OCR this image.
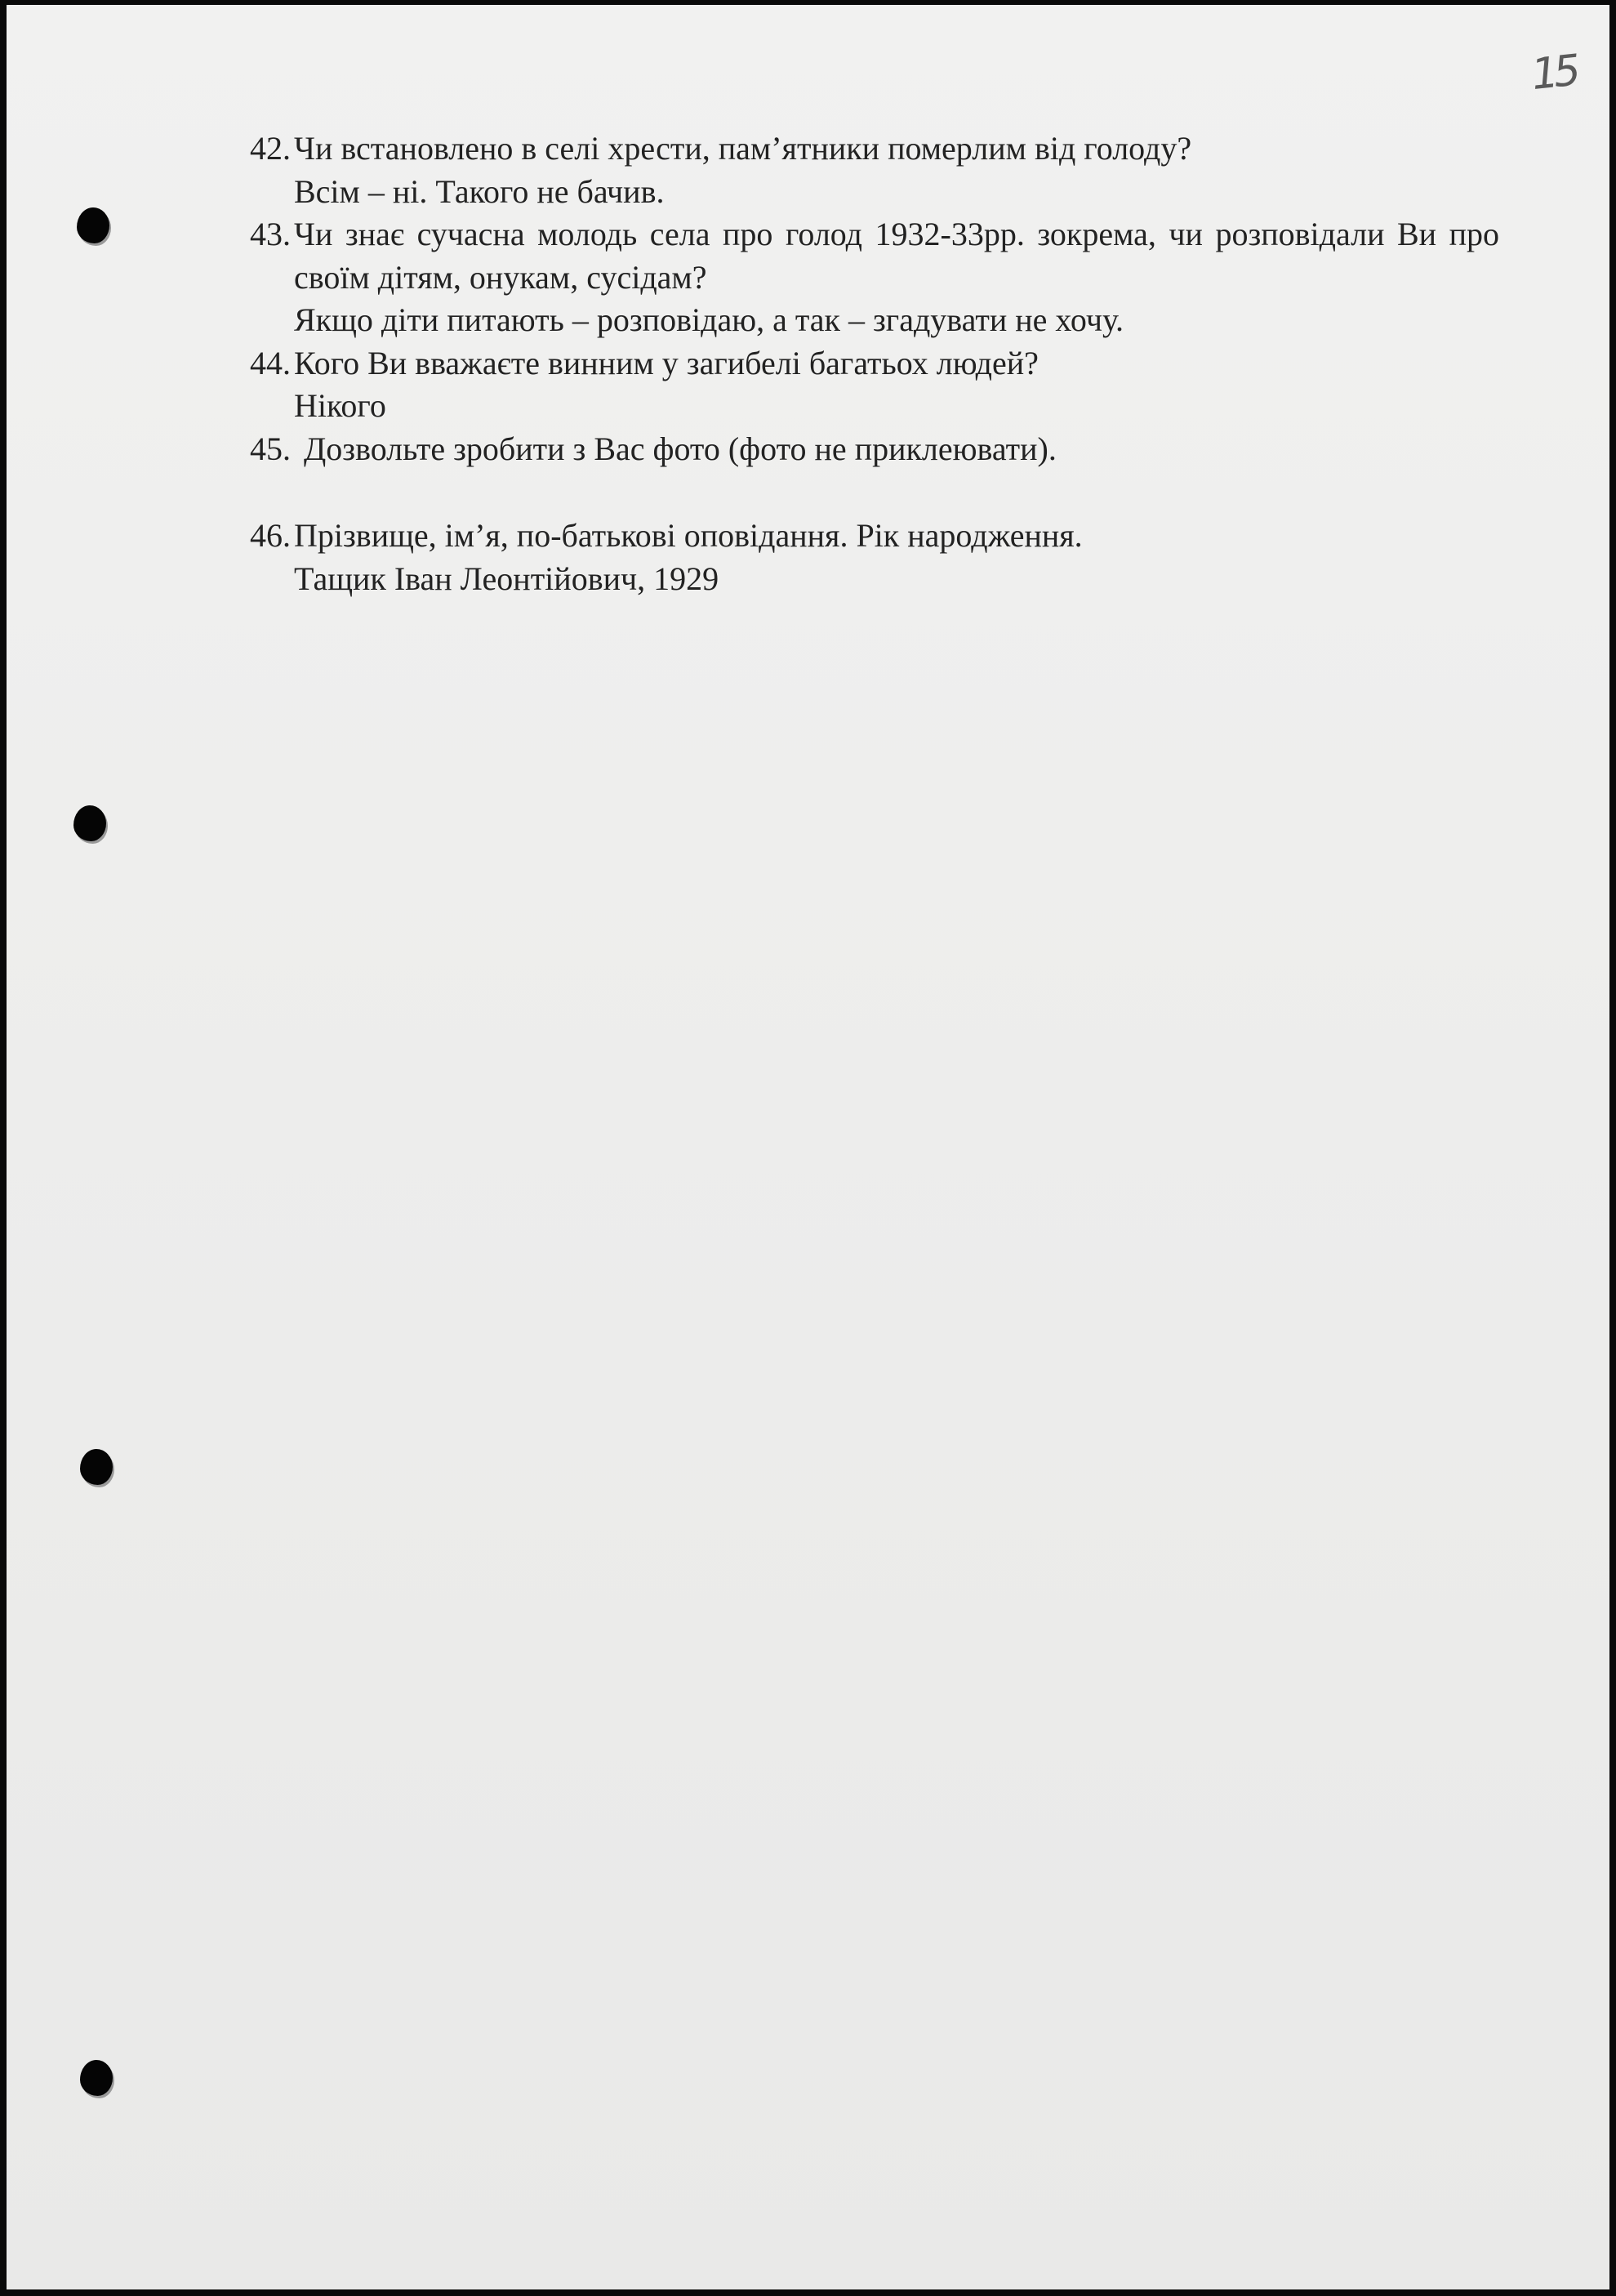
15
42. Чи встановлено в селі хрести, пам’ятники померлим від голоду?
Всім – ні. Такого не бачив.
43. Чи знає сучасна молодь села про голод 1932-33рр. зокрема, чи розповідали Ви про своїм дітям, онукам, сусідам?
Якщо діти питають – розповідаю, а так – згадувати не хочу.
44. Кого Ви вважаєте винним у загибелі багатьох людей?
Нікого
45. Дозвольте зробити з Вас фото (фото не приклеювати).
46. Прізвище, ім’я, по-батькові оповідання. Рік народження.
Тащик Іван Леонтійович, 1929
